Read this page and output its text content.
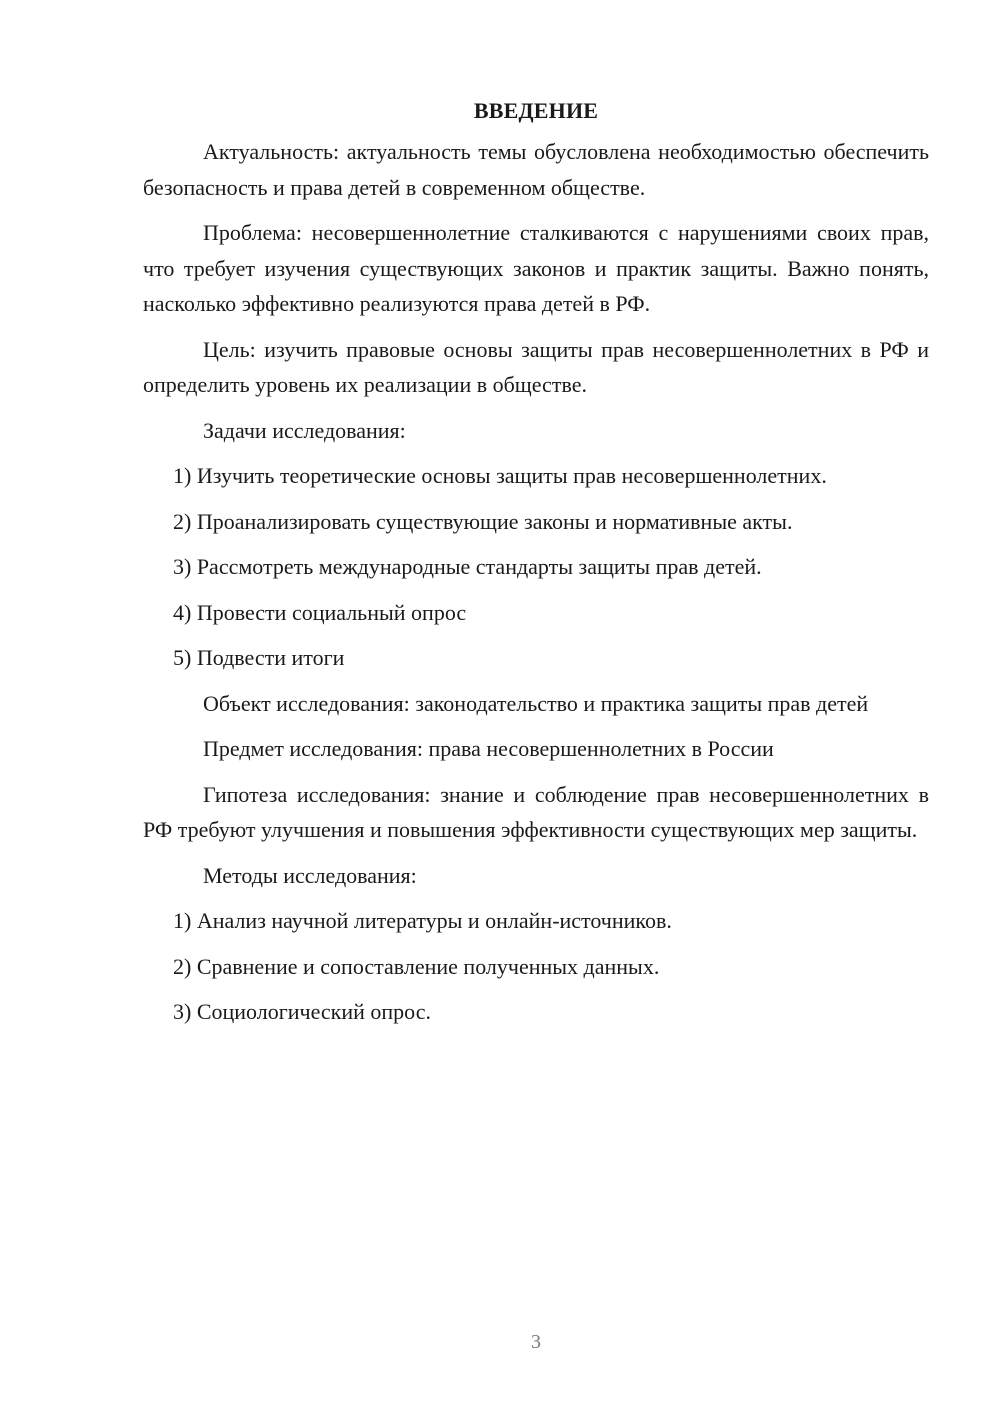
ВВЕДЕНИЕ

Актуальность: актуальность темы обусловлена необходимостью обеспечить безопасность и права детей в современном обществе.

Проблема: несовершеннолетние сталкиваются с нарушениями своих прав, что требует изучения существующих законов и практик защиты. Важно понять, насколько эффективно реализуются права детей в РФ.

Цель: изучить правовые основы защиты прав несовершеннолетних в РФ и определить уровень их реализации в обществе.

Задачи исследования:

1) Изучить теоретические основы защиты прав несовершеннолетних.
2) Проанализировать существующие законы и нормативные акты.
3) Рассмотреть международные стандарты защиты прав детей.
4) Провести социальный опрос
5) Подвести итоги

Объект исследования: законодательство и практика защиты прав детей

Предмет исследования: права несовершеннолетних в России

Гипотеза исследования: знание и соблюдение прав несовершеннолетних в РФ требуют улучшения и повышения эффективности существующих мер защиты.

Методы исследования:

1) Анализ научной литературы и онлайн-источников.
2) Сравнение и сопоставление полученных данных.
3) Социологический опрос.
3
